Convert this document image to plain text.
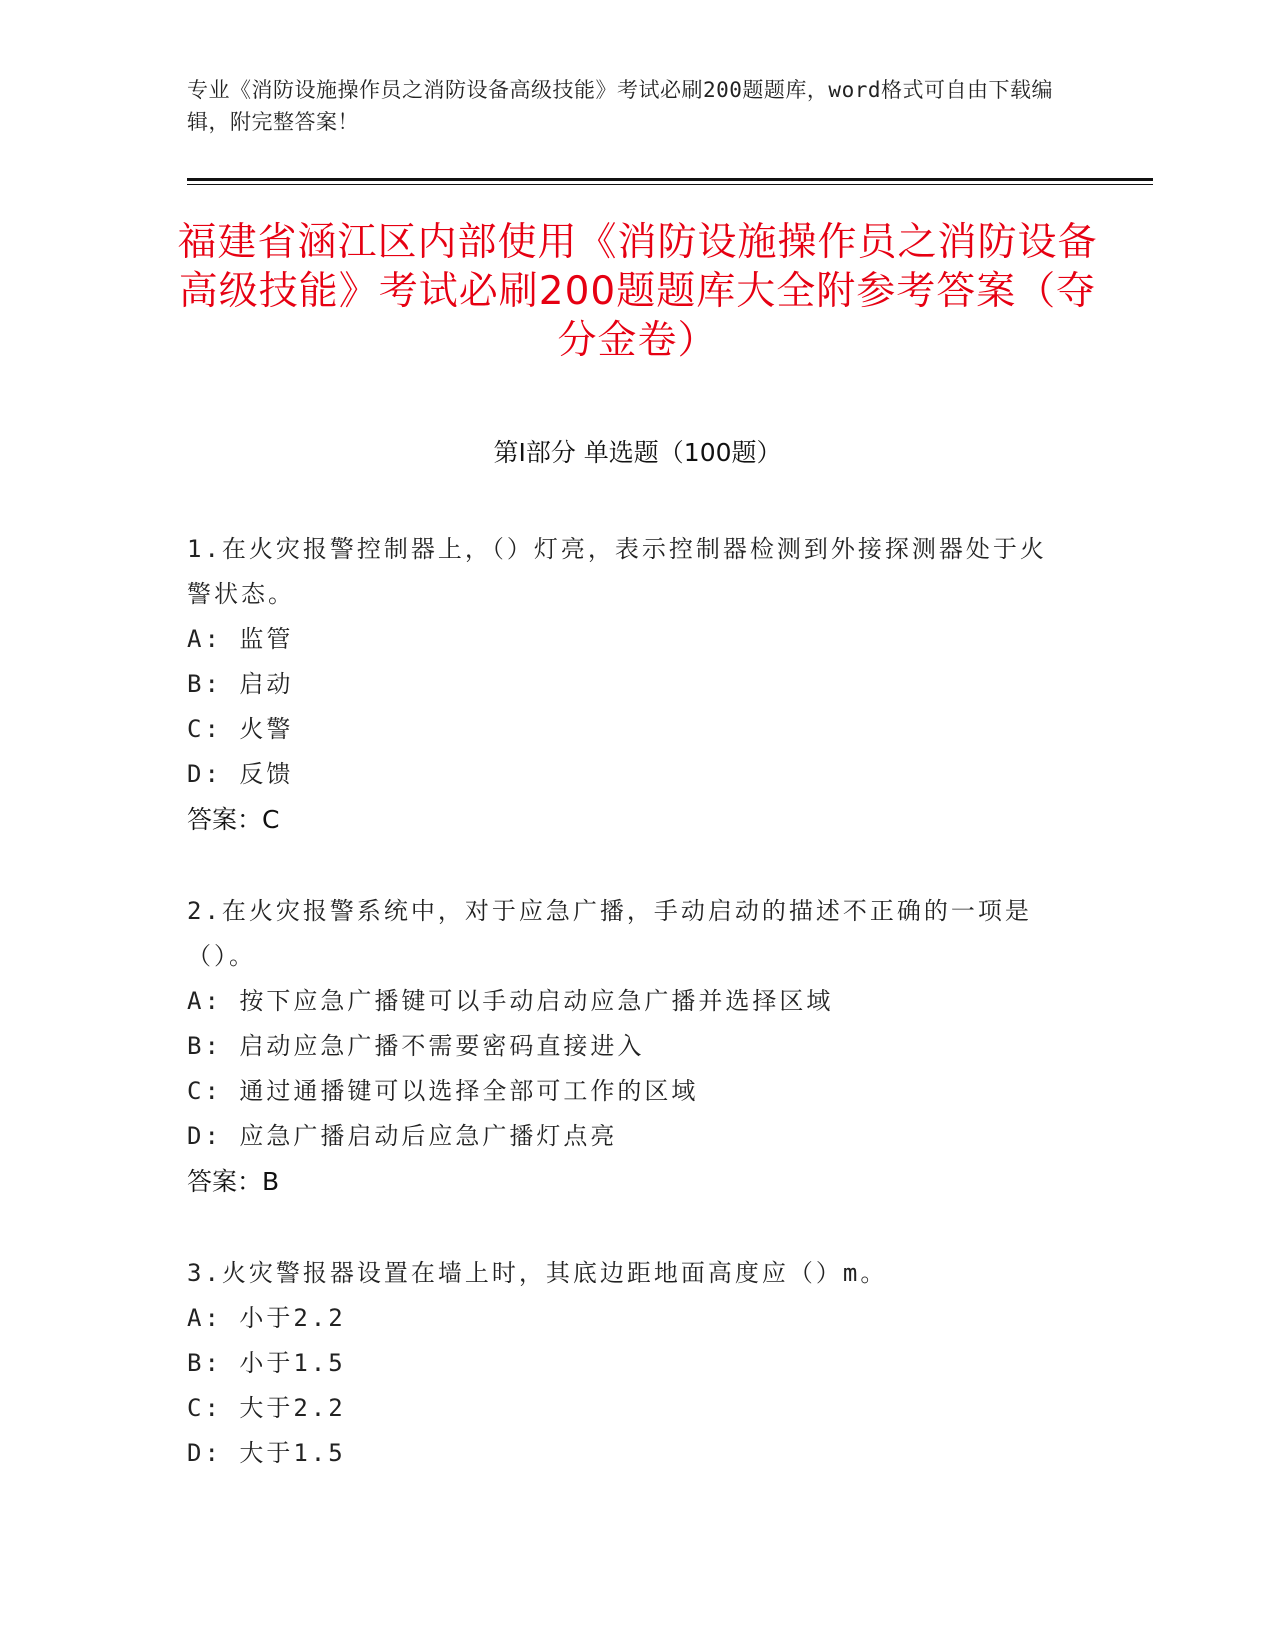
专业《消防设施操作员之消防设备高级技能》考试必刷200题题库，word格式可自由下载编辑，附完整答案！
福建省涵江区内部使用《消防设施操作员之消防设备高级技能》考试必刷200题题库大全附参考答案（夺分金卷）
第Ⅰ部分 单选题（100题）

1.在火灾报警控制器上，（）灯亮，表示控制器检测到外接探测器处于火警状态。

A: 监管

B: 启动

C: 火警

D: 反馈

答案：C

2.在火灾报警系统中，对于应急广播，手动启动的描述不正确的一项是（）。

A: 按下应急广播键可以手动启动应急广播并选择区域

B: 启动应急广播不需要密码直接进入

C: 通过通播键可以选择全部可工作的区域

D: 应急广播启动后应急广播灯点亮

答案：B

3.火灾警报器设置在墙上时，其底边距地面高度应（）m。

A: 小于2.2

B: 小于1.5

C: 大于2.2

D: 大于1.5
